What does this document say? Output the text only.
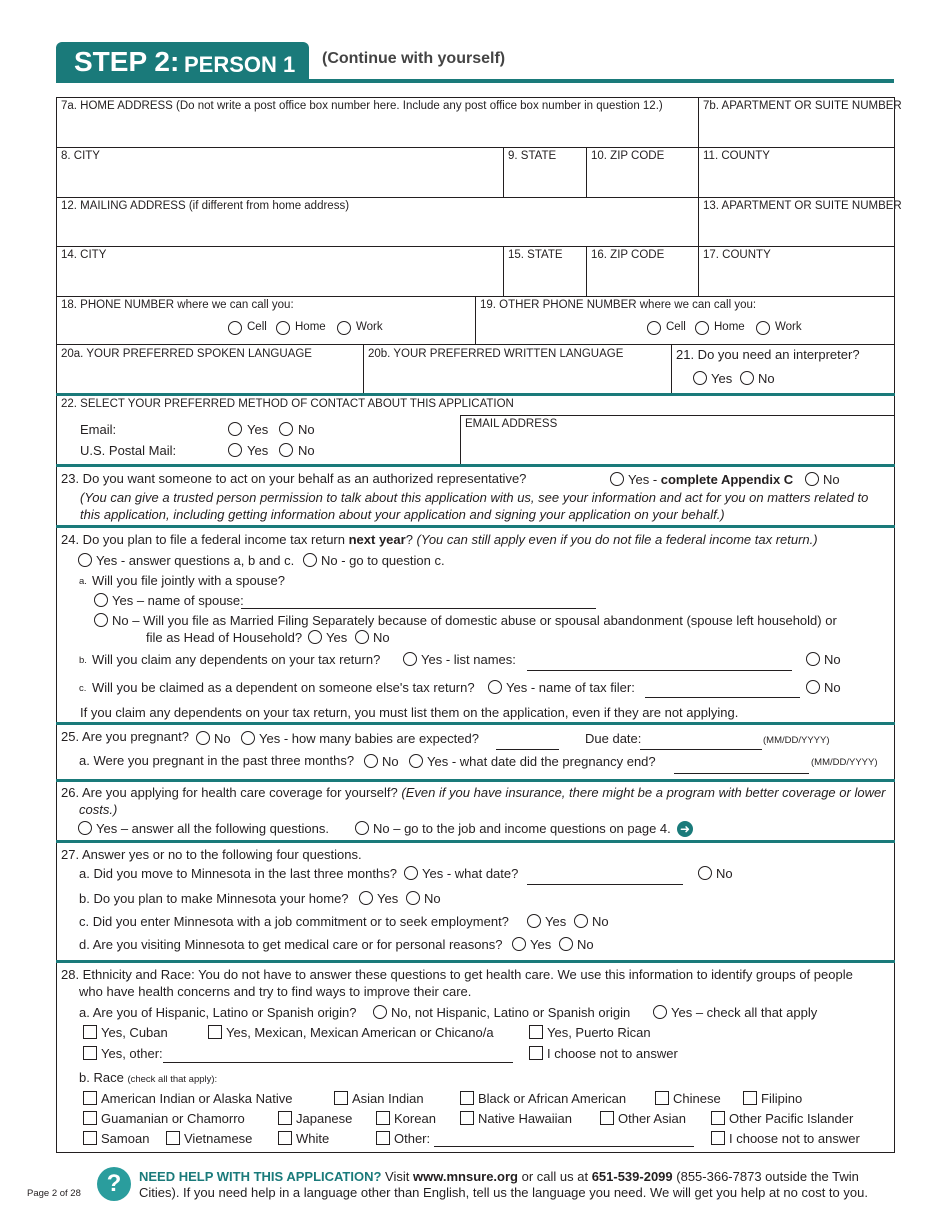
STEP 2: PERSON 1 (Continue with yourself)
7a. HOME ADDRESS (Do not write a post office box number here. Include any post office box number in question 12.)	7b. APARTMENT OR SUITE NUMBER
8. CITY	9. STATE	10. ZIP CODE	11. COUNTY
12. MAILING ADDRESS (if different from home address)	13. APARTMENT OR SUITE NUMBER
14. CITY	15. STATE 16. ZIP CODE	17. COUNTY
18. PHONE NUMBER where we can call you:	19. OTHER PHONE NUMBER where we can call you:
Cell Home	Work	Cell Home	Work
20a. YOUR PREFERRED SPOKEN LANGUAGE	20b. YOUR PREFERRED WRITTEN LANGUAGE	21. Do you need an interpreter?
Yes No
22. SELECT YOUR PREFERRED METHOD OF CONTACT ABOUT THIS APPLICATION
EMAIL ADDRESS
Email:	Yes No
U.S. Postal Mail:	Yes No
23. Do you want someone to act on your behalf as an authorized representative?	Yes - complete Appendix C No
(You can give a trusted person permission to talk about this application with us, see your information and act for you on matters related to
this application, including getting information about your application and signing your application on your behalf.)
24. Do you plan to file a federal income tax return next year? (You can still apply even if you do not file a federal income tax return.)
Yes - answer questions a, b and c. No - go to question c.
a. Will you file jointly with a spouse?
Yes – name of spouse:
No – Will you file as Married Filing Separately because of domestic abuse or spousal abandonment (spouse left household) or
file as Head of Household? Yes No
b. Will you claim any dependents on your tax return?	Yes - list names:	No
c. Will you be claimed as a dependent on someone else's tax return? Yes - name of tax filer:	No
If you claim any dependents on your tax return, you must list them on the application, even if they are not applying.
25. Are you pregnant? No Yes - how many babies are expected?	Due date:	(MM/DD/YYYY)
a. Were you pregnant in the past three months? No Yes - what date did the pregnancy end?	(MM/DD/YYYY)
26. Are you applying for health care coverage for yourself? (Even if you have insurance, there might be a program with better coverage or lower
costs.)
Yes – answer all the following questions.	No – go to the job and income questions on page 4. ➜
27. Answer yes or no to the following four questions.
a. Did you move to Minnesota in the last three months? Yes - what date?	No
b. Do you plan to make Minnesota your home? Yes No
c. Did you enter Minnesota with a job commitment or to seek employment?	Yes No
d. Are you visiting Minnesota to get medical care or for personal reasons? Yes No
28. Ethnicity and Race: You do not have to answer these questions to get health care. We use this information to identify groups of people
who have health concerns and try to find ways to improve their care.
a. Are you of Hispanic, Latino or Spanish origin?	No, not Hispanic, Latino or Spanish origin	Yes – check all that apply
Yes, Cuban	Yes, Mexican, Mexican American or Chicano/a	Yes, Puerto Rican
Yes, other:	I choose not to answer
b. Race (check all that apply):
American Indian or Alaska Native	Asian Indian	Black or African American	Chinese	Filipino
Guamanian or Chamorro	Japanese	Korean	Native Hawaiian	Other Asian	Other Pacific Islander
Samoan	Vietnamese	White	Other:	I choose not to answer
?	NEED HELP WITH THIS APPLICATION? Visit www.mnsure.org or call us at 651-539-2099 (855-366-7873 outside the Twin
Cities). If you need help in a language other than English, tell us the language you need. We will get you help at no cost to you.
Page 2 of 28
